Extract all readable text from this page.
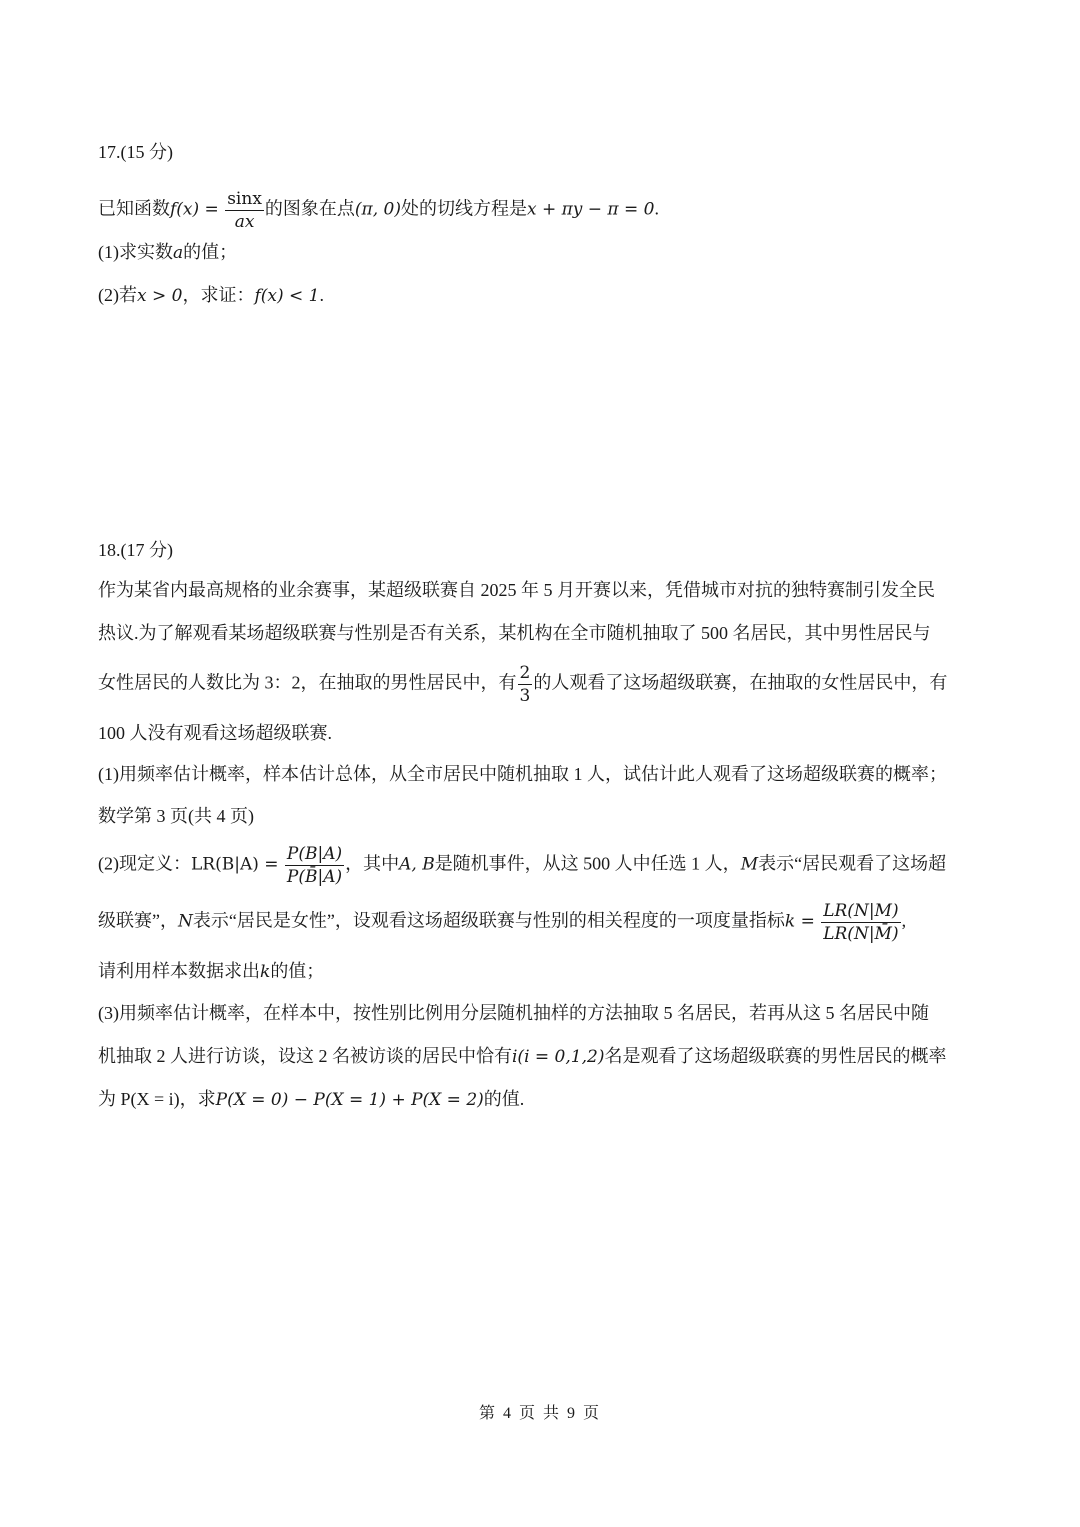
17.(15 分)
已知函数$f(x) = \frac{\sin x}{ax}$ 的图象在点(π, 0)处的切线方程是x + πy − π = 0.
(1)求实数a的值；
(2)若x > 0，求证：f(x) < 1.
18.(17 分)
作为某省内最高规格的业余赛事，某超级联赛自 2025 年 5 月开赛以来，凭借城市对抗的独特赛制引发全民
热议.为了解观看某场超级联赛与性别是否有关系，某机构在全市随机抽取了 500 名居民，其中男性居民与
女性居民的人数比为 3：2，在抽取的男性居民中，有 $\frac{2}{3}$ 的人观看了这场超级联赛，在抽取的女性居民中，有
100 人没有观看这场超级联赛.
(1)用频率估计概率，样本估计总体，从全市居民中随机抽取 1 人，试估计此人观看了这场超级联赛的概率；
数学第 3 页(共 4 页)
(2)现定义：$LR(B|A) = \frac{P(B|A)}{P(B̄|A)}$ ，其中A, B是随机事件，从这 500 人中任选 1 人，M表示“居民观看了这场超
级联赛”，N表示“居民是女性”，设观看这场超级联赛与性别的相关程度的一项度量指标$k = \frac{LR(N|M)}{LR(N|M̄)}$ ,
请利用样本数据求出k的值；
(3)用频率估计概率，在样本中，按性别比例用分层随机抽样的方法抽取 5 名居民，若再从这 5 名居民中随
机抽取 2 人进行访谈，设这 2 名被访谈的居民中恰有i(i = 0,1,2)名是观看了这场超级联赛的男性居民的概率
为 P(X = i)，求P(X = 0) − P(X = 1) + P(X = 2)的值.
第 4 页 共 9 页
